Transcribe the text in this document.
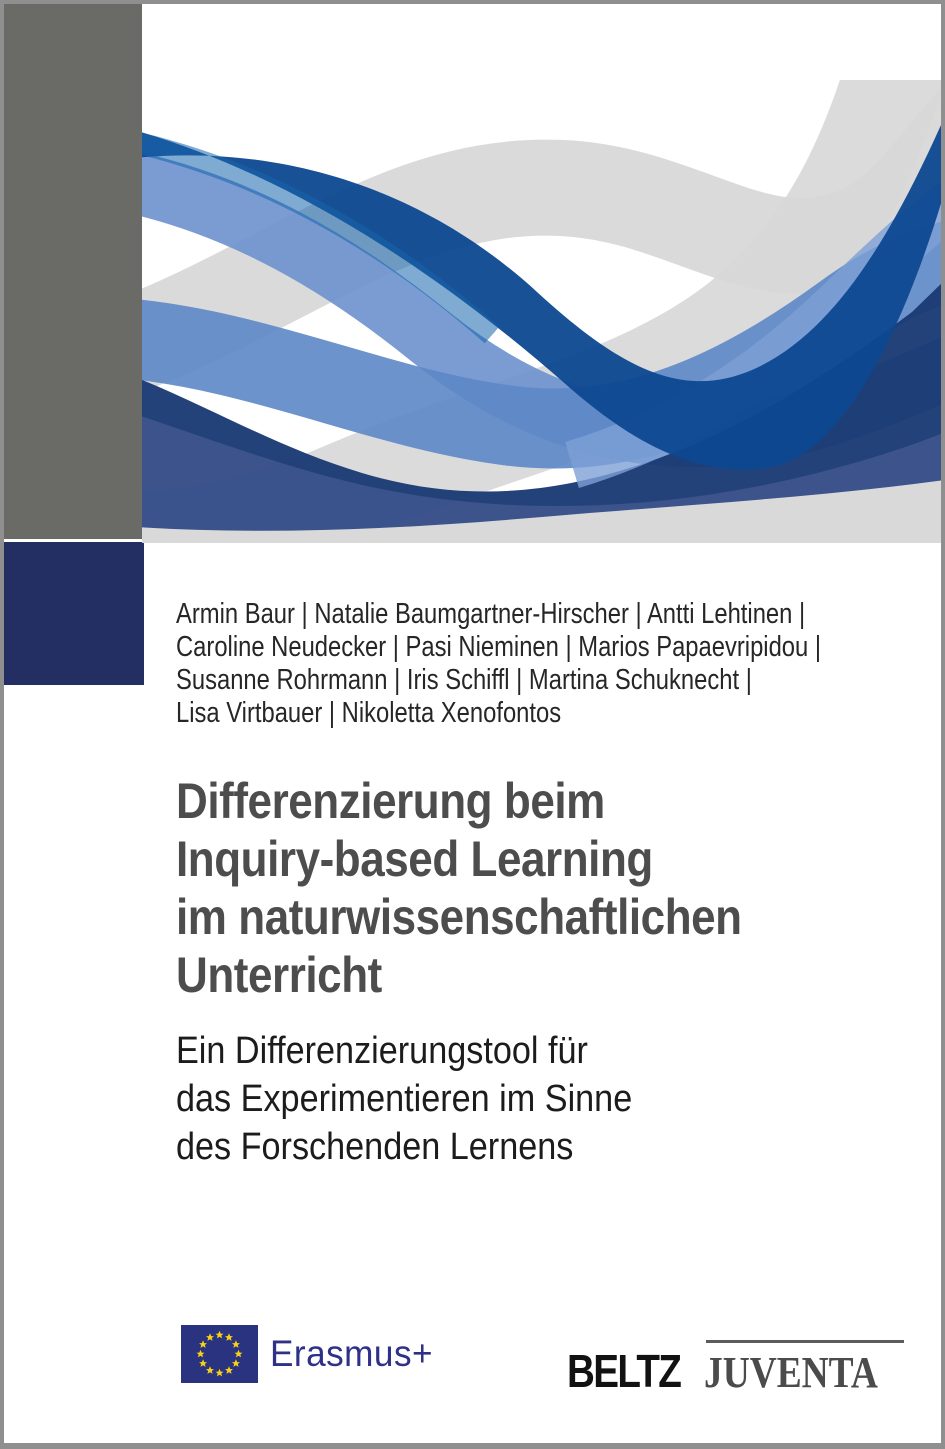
Armin Baur | Natalie Baumgartner-Hirscher | Antti Lehtinen |
Caroline Neudecker | Pasi Nieminen | Marios Papaevripidou |
Susanne Rohrmann | Iris Schiffl | Martina Schuknecht |
Lisa Virtbauer | Nikoletta Xenofontos
Differenzierung beim
Inquiry-based Learning
im naturwissenschaftlichen
Unterricht
Ein Differenzierungstool für
das Experimentieren im Sinne
des Forschenden Lernens
Erasmus+	BELTZ JUVENTA
